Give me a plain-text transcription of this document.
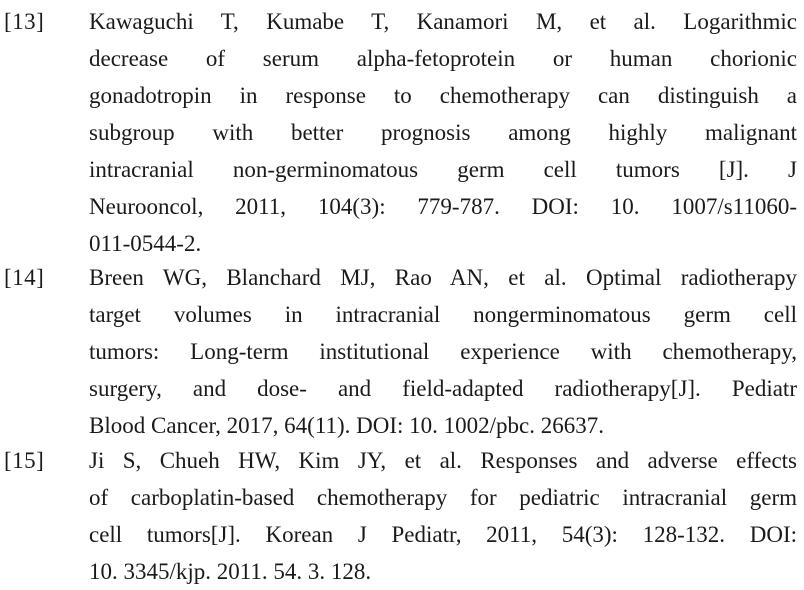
[13] Kawaguchi T, Kumabe T, Kanamori M, et al. Logarithmic
decrease of serum alpha-fetoprotein or human chorionic
gonadotropin in response to chemotherapy can distinguish a
subgroup with better prognosis among highly malignant
intracranial non-germinomatous germ cell tumors [J]. J
Neurooncol, 2011, 104(3): 779-787. DOI: 10. 1007/s11060-
011-0544-2.
[14] Breen WG, Blanchard MJ, Rao AN, et al. Optimal radiotherapy
target volumes in intracranial nongerminomatous germ cell
tumors: Long-term institutional experience with chemotherapy,
surgery, and dose- and field-adapted radiotherapy[J]. Pediatr
Blood Cancer, 2017, 64(11). DOI: 10. 1002/pbc. 26637.
[15] Ji S, Chueh HW, Kim JY, et al. Responses and adverse effects
of carboplatin-based chemotherapy for pediatric intracranial germ
cell tumors[J]. Korean J Pediatr, 2011, 54(3): 128-132. DOI:
10. 3345/kjp. 2011. 54. 3. 128.
